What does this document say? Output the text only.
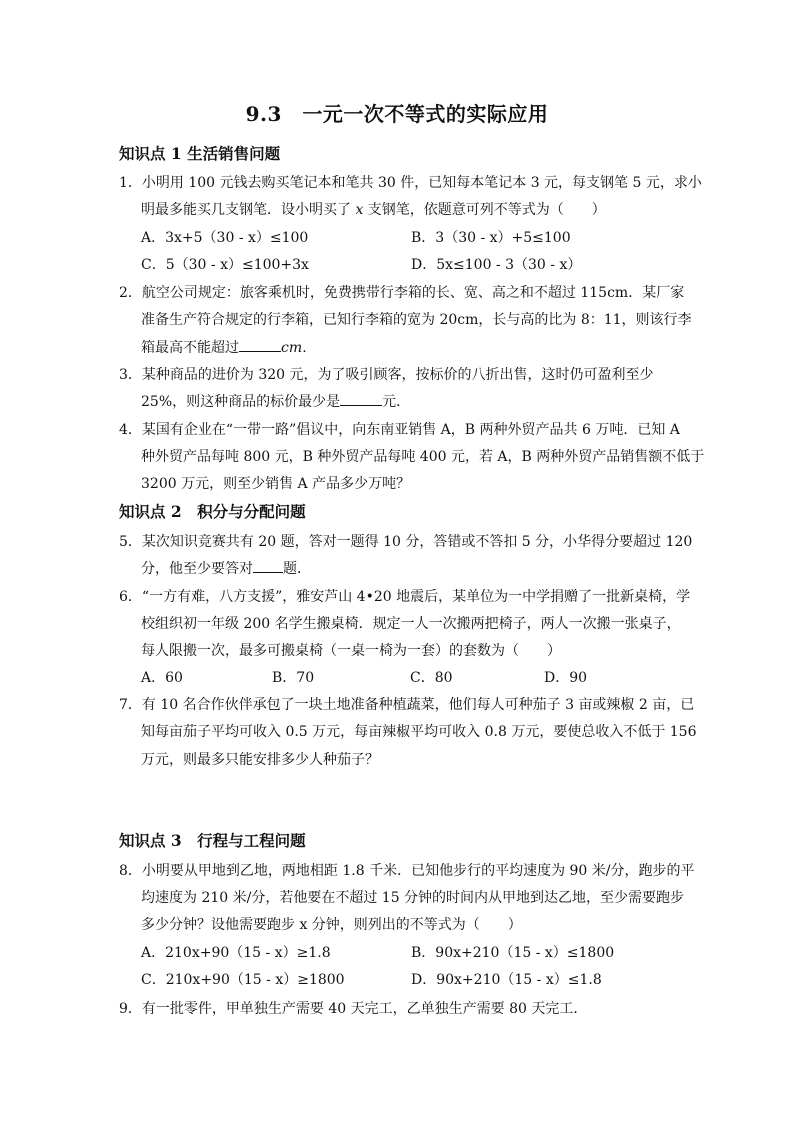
9.3　一元一次不等式的实际应用
知识点 1 生活销售问题
1．小明用 100 元钱去购买笔记本和笔共 30 件，已知每本笔记本 3 元，每支钢笔 5 元，求小
明最多能买几支钢笔．设小明买了 x 支钢笔，依题意可列不等式为（　　）
A．3x+5（30 - x）≤100	B．3（30 - x）+5≤100
C．5（30 - x）≤100+3x	D．5x≤100 - 3（30 - x）
2．航空公司规定：旅客乘机时，免费携带行李箱的长、宽、高之和不超过 115cm．某厂家
准备生产符合规定的行李箱，已知行李箱的宽为 20cm，长与高的比为 8：11，则该行李
箱最高不能超过	cm．
3．某种商品的进价为 320 元，为了吸引顾客，按标价的八折出售，这时仍可盈利至少
25%，则这种商品的标价最少是	元．
4．某国有企业在“一带一路”倡议中，向东南亚销售 A，B 两种外贸产品共 6 万吨．已知 A
种外贸产品每吨 800 元，B 种外贸产品每吨 400 元，若 A，B 两种外贸产品销售额不低于
3200 万元，则至少销售 A 产品多少万吨？
知识点 2　积分与分配问题
5．某次知识竞赛共有 20 题，答对一题得 10 分，答错或不答扣 5 分，小华得分要超过 120
分，他至少要答对 题．
6．“一方有难，八方支援”，雅安芦山 4•20 地震后，某单位为一中学捐赠了一批新桌椅，学
校组织初一年级 200 名学生搬桌椅．规定一人一次搬两把椅子，两人一次搬一张桌子，
每人限搬一次，最多可搬桌椅（一桌一椅为一套）的套数为（　　）
A．60	B．70	C．80	D．90
7．有 10 名合作伙伴承包了一块土地准备种植蔬菜，他们每人可种茄子 3 亩或辣椒 2 亩，已
知每亩茄子平均可收入 0.5 万元，每亩辣椒平均可收入 0.8 万元，要使总收入不低于 156
万元，则最多只能安排多少人种茄子？
知识点 3　行程与工程问题
8．小明要从甲地到乙地，两地相距 1.8 千米．已知他步行的平均速度为 90 米/分，跑步的平
均速度为 210 米/分，若他要在不超过 15 分钟的时间内从甲地到达乙地，至少需要跑步
多少分钟？设他需要跑步 x 分钟，则列出的不等式为（　　）
A．210x+90（15 - x）≥1.8	B．90x+210（15 - x）≤1800
C．210x+90（15 - x）≥1800	D．90x+210（15 - x）≤1.8
9．有一批零件，甲单独生产需要 40 天完工，乙单独生产需要 80 天完工．
